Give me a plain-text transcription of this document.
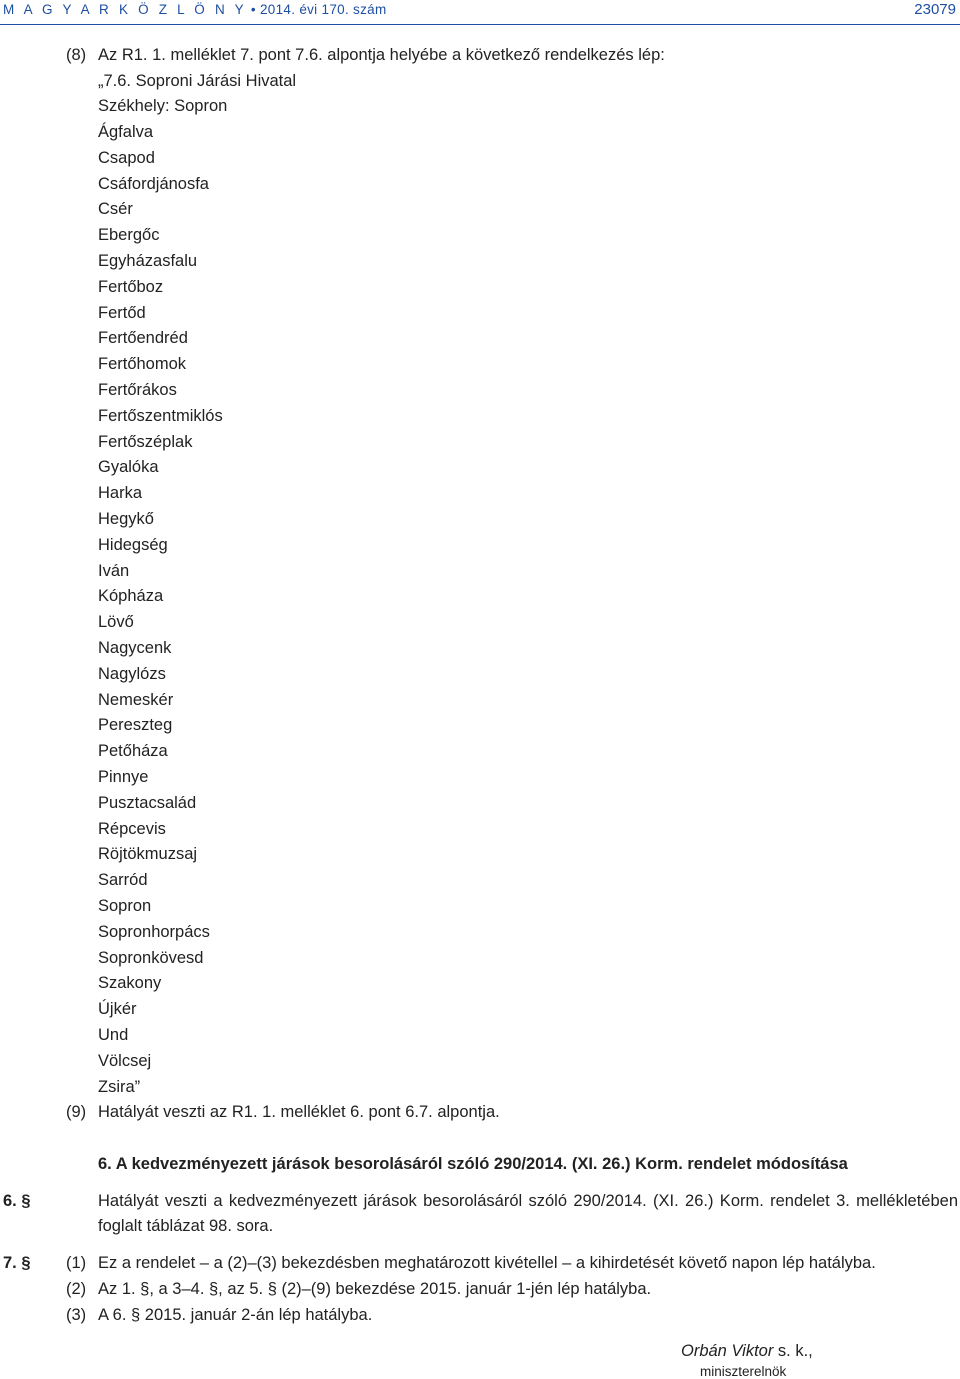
M A G Y A R K Ö Z L Ö N Y • 2014. évi 170. szám	23079
(8) Az R1. 1. melléklet 7. pont 7.6. alpontja helyébe a következő rendelkezés lép:
„7.6. Soproni Járási Hivatal
Székhely: Sopron
Ágfalva
Csapod
Csáfordjánosfa
Csér
Ebergőc
Egyházasfalu
Fertőboz
Fertőd
Fertőendréd
Fertőhomok
Fertőrákos
Fertőszentmiklós
Fertőszéplak
Gyalóka
Harka
Hegykő
Hidegség
Iván
Kópháza
Lövő
Nagycenk
Nagylózs
Nemeskér
Pereszteg
Petőháza
Pinnye
Pusztacsalád
Répcevis
Röjtökmuzsaj
Sarród
Sopron
Sopronhorpács
Sopronkövesd
Szakony
Újkér
Und
Völcsej
Zsira”
(9) Hatályát veszti az R1. 1. melléklet 6. pont 6.7. alpontja.
6. A kedvezményezett járások besorolásáról szóló 290/2014. (XI. 26.) Korm. rendelet módosítása
6. §	Hatályát veszti a kedvezményezett járások besorolásáról szóló 290/2014. (XI. 26.) Korm. rendelet 3. mellékletében
foglalt táblázat 98. sora.
7. § (1) Ez a rendelet – a (2)–(3) bekezdésben meghatározott kivétellel – a kihirdetését követő napon lép hatályba.
(2) Az 1. §, a 3–4. §, az 5. § (2)–(9) bekezdése 2015. január 1-jén lép hatályba.
(3) A 6. § 2015. január 2-án lép hatályba.
Orbán Viktor s. k.,
miniszterelnök
